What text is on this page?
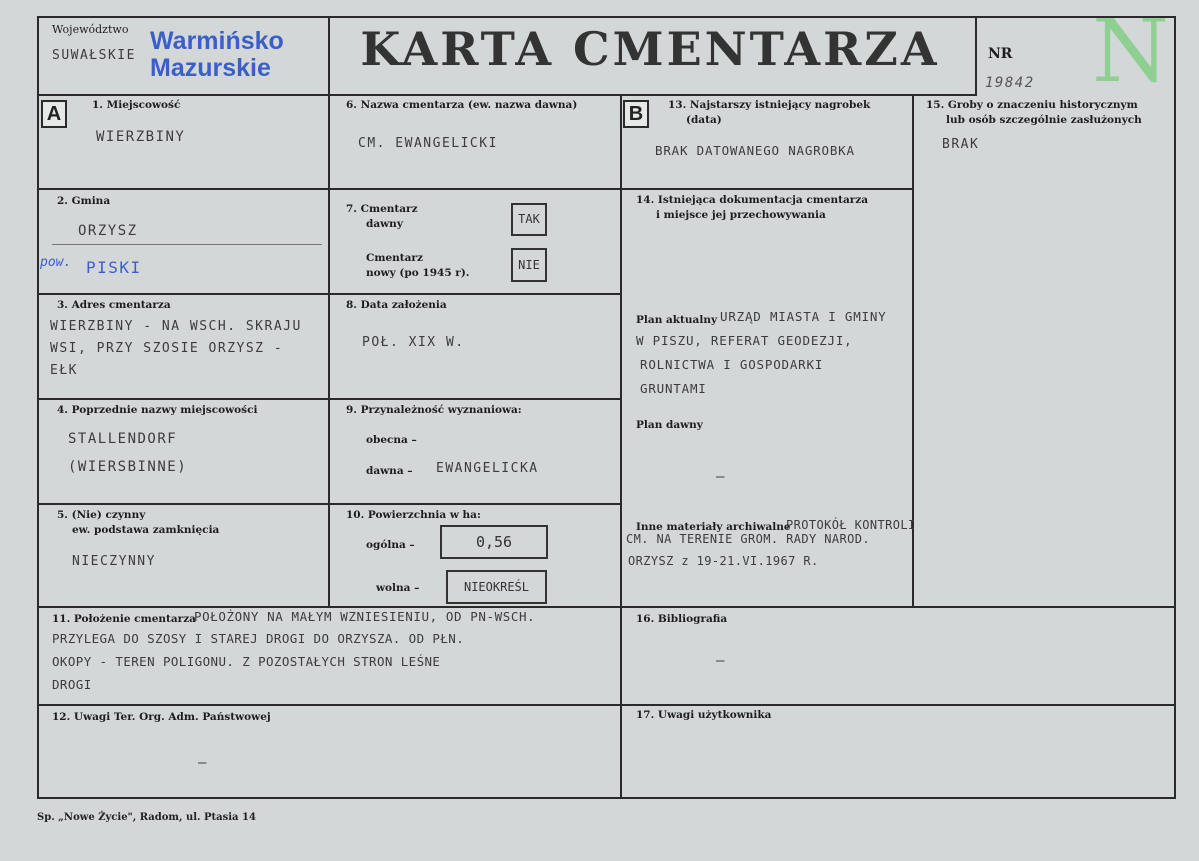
Województwo
SUWAŁSKIE
Warmińsko
Mazurskie	KARTA CMENTARZA	NR
19842 N
A	B
1. Miejscowość
WIERZBINY
2. Gmina
ORZYSZ
pow. PISKI
3. Adres cmentarza
WIERZBINY - NA WSCH. SKRAJU
WSI, PRZY SZOSIE ORZYSZ -
EŁK
4. Poprzednie nazwy miejscowości
STALLENDORF
(WIERSBINNE)
5. (Nie) czynny
ew. podstawa zamknięcia
NIECZYNNY
6. Nazwa cmentarza (ew. nazwa dawna)
CM. EWANGELICKI
7. Cmentarz
dawny	TAK
Cmentarz
nowy (po 1945 r).
NIE
8. Data założenia
POŁ. XIX W.
9. Przynależność wyznaniowa:
obecna –
dawna – EWANGELICKA
10. Powierzchnia w ha:
ogólna –	0,56
wolna –	NIEOKREŚL
13. Najstarszy istniejący nagrobek
(data)
BRAK DATOWANEGO NAGROBKA
14. Istniejąca dokumentacja cmentarza
i miejsce jej przechowywania
Plan aktualny URZĄD MIASTA I GMINY
W PISZU, REFERAT GEODEZJI,
ROLNICTWA I GOSPODARKI
GRUNTAMI
Plan dawny
–
Inne materiały archiwalne
PROTOKÓŁ KONTROLI
CM. NA TERENIE GROM. RADY NAROD.
ORZYSZ z 19-21.VI.1967 R.
15. Groby o znaczeniu historycznym
lub osób szczególnie zasłużonych
BRAK
11. Położenie cmentarza
POŁOŻONY NA MAŁYM WZNIESIENIU, OD PN-WSCH.
PRZYLEGA DO SZOSY I STAREJ DROGI DO ORZYSZA. OD PŁN.
OKOPY - TEREN POLIGONU. Z POZOSTAŁYCH STRON LEŚNE
DROGI
16. Bibliografia
–
12. Uwagi Ter. Org. Adm. Państwowej
–
17. Uwagi użytkownika
Sp. „Nowe Życie", Radom, ul. Ptasia 14
